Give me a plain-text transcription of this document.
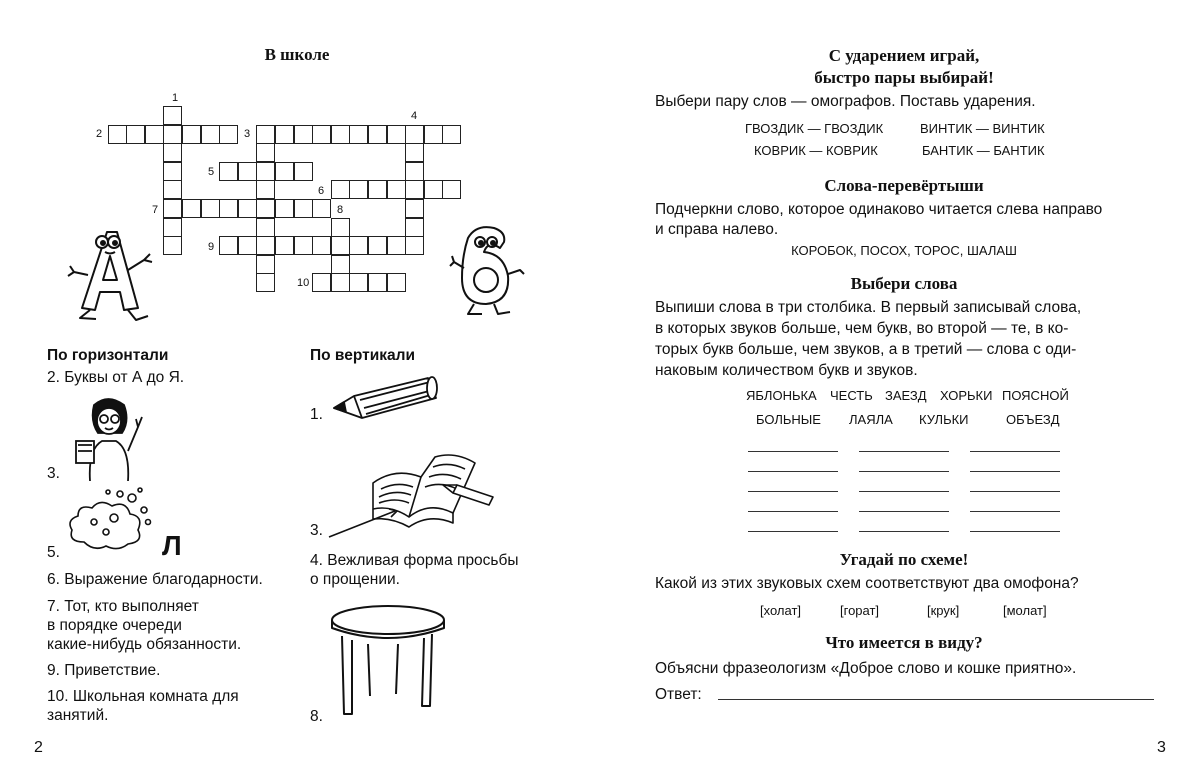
В школе
1
2	3
4
5
6
7	8
9
10
По горизонтали
2. Буквы от А до Я.
3.
5.	Л
6. Выражение благодарности.
7. Тот, кто выполняет
в порядке очереди
какие-нибудь обязанности.
9. Приветствие.
10. Школьная комната для
занятий.
По вертикали
1.
3.
4. Вежливая форма просьбы
о прощении.
8.
2
С ударением играй,
быстро пары выбирай!
Выбери пару слов — омографов. Поставь ударения.
ГВОЗДИК — ГВОЗДИК	ВИНТИК — ВИНТИК
КОВРИК — КОВРИК	БАНТИК — БАНТИК
Слова-перевёртыши
Подчеркни слово, которое одинаково читается слева направо
и справа налево.
КОРОБОК, ПОСОХ, ТОРОС, ШАЛАШ
Выбери слова
Выпиши слова в три столбика. В первый записывай слова,
в которых звуков больше, чем букв, во второй — те, в ко-
торых букв больше, чем звуков, а в третий — слова с оди-
наковым количеством букв и звуков.
ЯБЛОНЬКА ЧЕСТЬ ЗАЕЗД ХОРЬКИ ПОЯСНОЙ
БОЛЬНЫЕ ЛАЯЛА КУЛЬКИ	ОБЪЕЗД
Угадай по схеме!
Какой из этих звуковых схем соответствуют два омофона?
[холат]	[горат]	[крук]	[молат]
Что имеется в виду?
Объясни фразеологизм «Доброе слово и кошке приятно».
Ответ:
3
